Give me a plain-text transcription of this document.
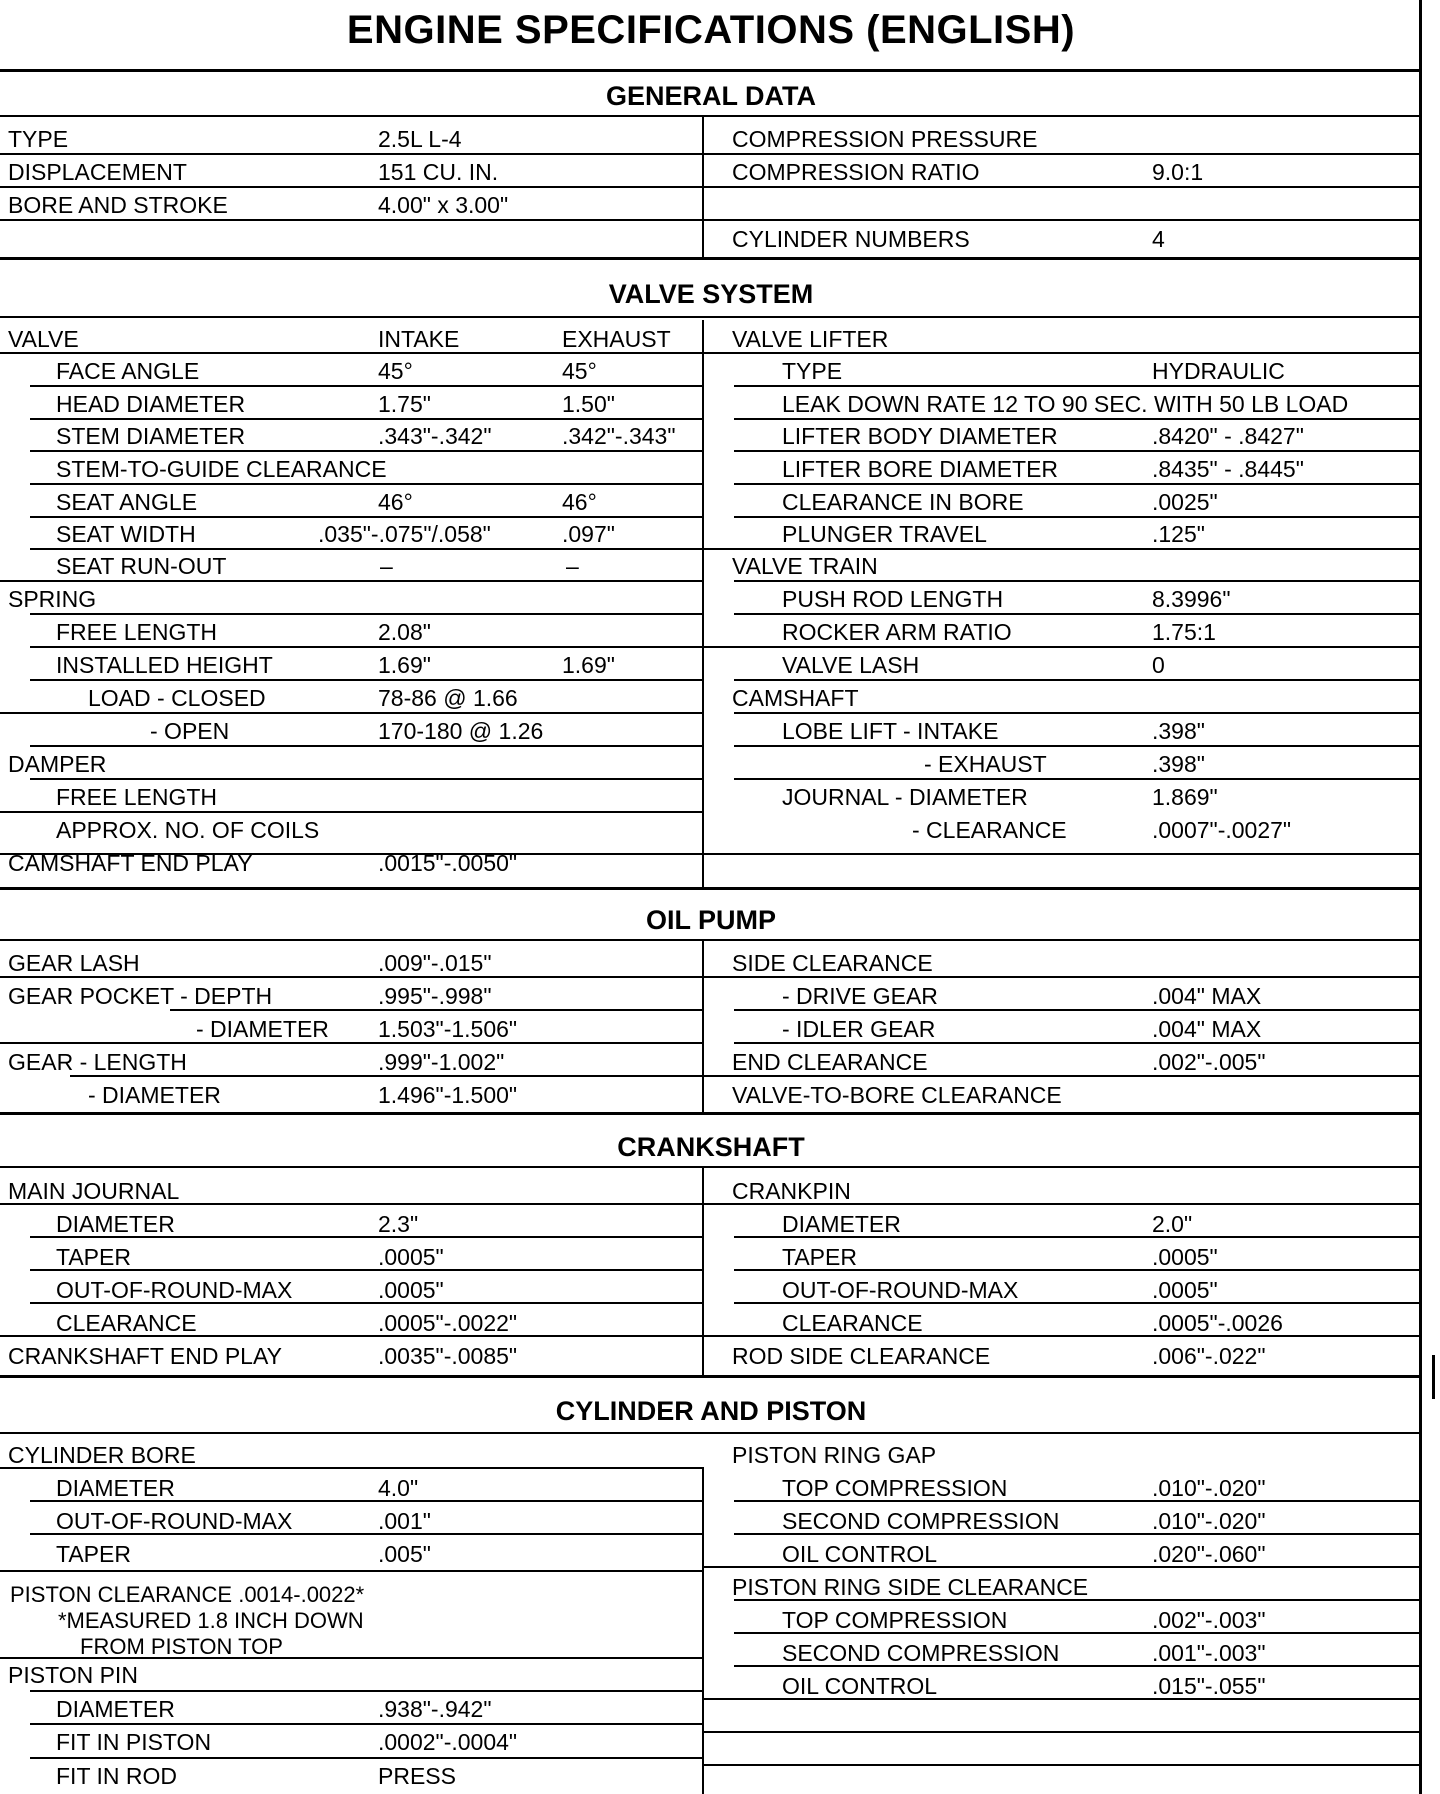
ENGINE SPECIFICATIONS (ENGLISH)
GENERAL DATA
TYPE	2.5L L-4
DISPLACEMENT	151 CU. IN.
BORE AND STROKE	4.00" x 3.00"
COMPRESSION PRESSURE
COMPRESSION RATIO	9.0:1
CYLINDER NUMBERS	4
VALVE SYSTEM
VALVE	INTAKE	EXHAUST
FACE ANGLE	45°	45°
HEAD DIAMETER	1.75"	1.50"
STEM DIAMETER	.343"-.342"	.342"-.343"
STEM-TO-GUIDE CLEARANCE
SEAT ANGLE	46°	46°
SEAT WIDTH	.035"-.075"/.058"	.097"
SEAT RUN-OUT	–	–
SPRING
FREE LENGTH	2.08"
INSTALLED HEIGHT	1.69"	1.69"
LOAD - CLOSED	78-86 @ 1.66
- OPEN	170-180 @ 1.26
DAMPER
FREE LENGTH
APPROX. NO. OF COILS
VALVE LIFTER
TYPE	HYDRAULIC
LEAK DOWN RATE 12 TO 90 SEC. WITH 50 LB LOAD
LIFTER BODY DIAMETER	.8420" - .8427"
LIFTER BORE DIAMETER	.8435" - .8445"
CLEARANCE IN BORE	.0025"
PLUNGER TRAVEL	.125"
VALVE TRAIN
PUSH ROD LENGTH	8.3996"
ROCKER ARM RATIO	1.75:1
VALVE LASH	0
CAMSHAFT
LOBE LIFT - INTAKE	.398"
- EXHAUST	.398"
JOURNAL - DIAMETER	1.869"
- CLEARANCE	.0007"-.0027"
OIL PUMP
GEAR LASH	.009"-.015"
GEAR POCKET - DEPTH	.995"-.998"
- DIAMETER 1.503"-1.506"
GEAR - LENGTH	.999"-1.002"
- DIAMETER	1.496"-1.500"
SIDE CLEARANCE
- DRIVE GEAR	.004" MAX
- IDLER GEAR	.004" MAX
END CLEARANCE	.002"-.005"
VALVE-TO-BORE CLEARANCE
CRANKSHAFT
MAIN JOURNAL
DIAMETER	2.3"
TAPER	.0005"
OUT-OF-ROUND-MAX	.0005"
CLEARANCE	.0005"-.0022"
CRANKSHAFT END PLAY	.0035"-.0085"
CRANKPIN
DIAMETER	2.0"
TAPER	.0005"
OUT-OF-ROUND-MAX	.0005"
CLEARANCE	.0005"-.0026
ROD SIDE CLEARANCE	.006"-.022"
CYLINDER AND PISTON
CYLINDER BORE
DIAMETER	4.0"
OUT-OF-ROUND-MAX	.001"
TAPER	.005"
PISTON CLEARANCE .0014-.0022*
*MEASURED 1.8 INCH DOWN
FROM PISTON TOP
PISTON PIN
DIAMETER	.938"-.942"
FIT IN PISTON	.0002"-.0004"
FIT IN ROD	PRESS
PISTON RING GAP
TOP COMPRESSION	.010"-.020"
SECOND COMPRESSION	.010"-.020"
OIL CONTROL	.020"-.060"
PISTON RING SIDE CLEARANCE
TOP COMPRESSION	.002"-.003"
SECOND COMPRESSION	.001"-.003"
OIL CONTROL	.015"-.055"
CAMSHAFT END PLAY	.0015"-.0050"
